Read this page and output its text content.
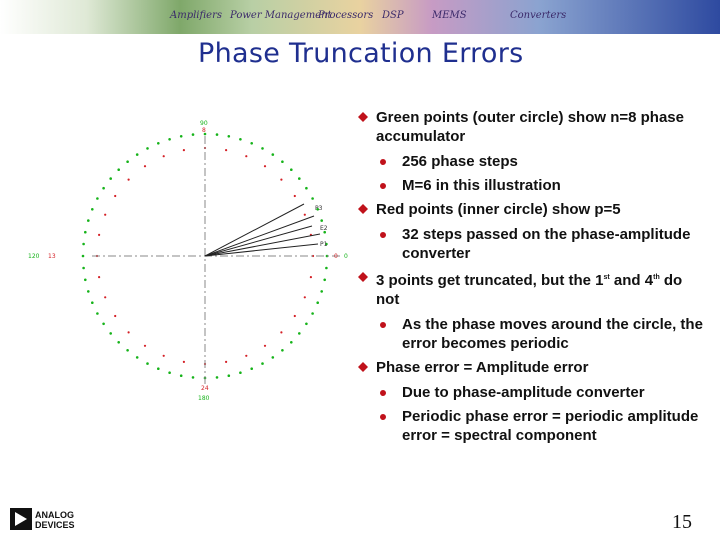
Amplifiers Power Management
Processors DSP	MEMS	Converters
Phase Truncation Errors
90
8
120 13	0 0
24
180
P3
E2
P1
Green points (outer circle) show n=8 phase accumulator
256 phase steps
M=6 in this illustration
Red points (inner circle) show p=5
32 steps passed on the phase-amplitude converter
3 points get truncated, but the 1st and 4th do not
As the phase moves around the circle, the error becomes periodic
Phase error = Amplitude error
Due to phase-amplitude converter
Periodic phase error = periodic amplitude error = spectral component
ANALOG
DEVICES	15
